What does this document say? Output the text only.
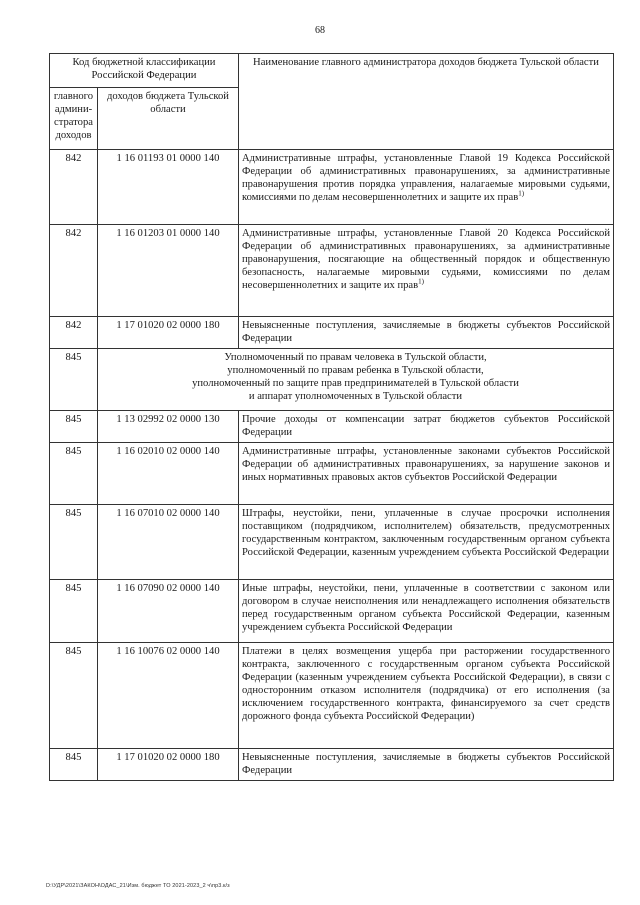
68
Код бюджетной классификации Российской Федерации		Наименование главного администратора доходов бюджета Тульской области
главного админи-стратора доходов	доходов бюджета Тульской области	
842	1 16 01193 01 0000 140	Административные штрафы, установленные Главой 19 Кодекса Российской Федерации об административных правонарушениях, за административные правонарушения против порядка управления, налагаемые мировыми судьями, комиссиями по делам несовершеннолетних и защите их прав$^{1)}$
842	1 16 01203 01 0000 140	Административные штрафы, установленные Главой 20 Кодекса Российской Федерации об административных правонарушениях, за административные правонарушения, посягающие на общественный порядок и общественную безопасность, налагаемые мировыми судьями, комиссиями по делам несовершеннолетних и защите их прав$^{1)}$
842	1 17 01020 02 0000 180	Невыясненные поступления, зачисляемые в бюджеты субъектов Российской Федерации
845	Уполномоченный по правам человека в Тульской области,
уполномоченный по правам ребенка в Тульской области,
уполномоченный по защите прав предпринимателей в Тульской области
и аппарат уполномоченных в Тульской области	

845	1 13 02992 02 0000 130	Прочие доходы от компенсации затрат бюджетов субъектов Российской Федерации
845	1 16 02010 02 0000 140	Административные штрафы, установленные законами субъектов Российской Федерации об административных правонарушениях, за нарушение законов и иных нормативных правовых актов субъектов Российской Федерации
845	1 16 07010 02 0000 140	Штрафы, неустойки, пени, уплаченные в случае просрочки исполнения поставщиком (подрядчиком, исполнителем) обязательств, предусмотренных государственным контрактом, заключенным государственным органом субъекта Российской Федерации, казенным учреждением субъекта Российской Федерации
845	1 16 07090 02 0000 140	Иные штрафы, неустойки, пени, уплаченные в соответствии с законом или договором в случае неисполнения или ненадлежащего исполнения обязательств перед государственным органом субъекта Российской Федерации, казенным учреждением субъекта Российской Федерации
845	1 16 10076 02 0000 140	Платежи в целях возмещения ущерба при расторжении государственного контракта, заключенного с государственным органом субъекта Российской Федерации (казенным учреждением субъекта Российской Федерации), в связи с односторонним отказом исполнителя (подрядчика) от его исполнения (за исключением государственного контракта, финансируемого за счет средств дорожного фонда субъекта Российской Федерации)
845	1 17 01020 02 0000 180	Невыясненные поступления, зачисляемые в бюджеты субъектов Российской Федерации
D:\УДР\2021\ЗАКОН\ОДАС_21\Изм. бюджет ТО 2021-2023_2 ч\пр3.к/з
